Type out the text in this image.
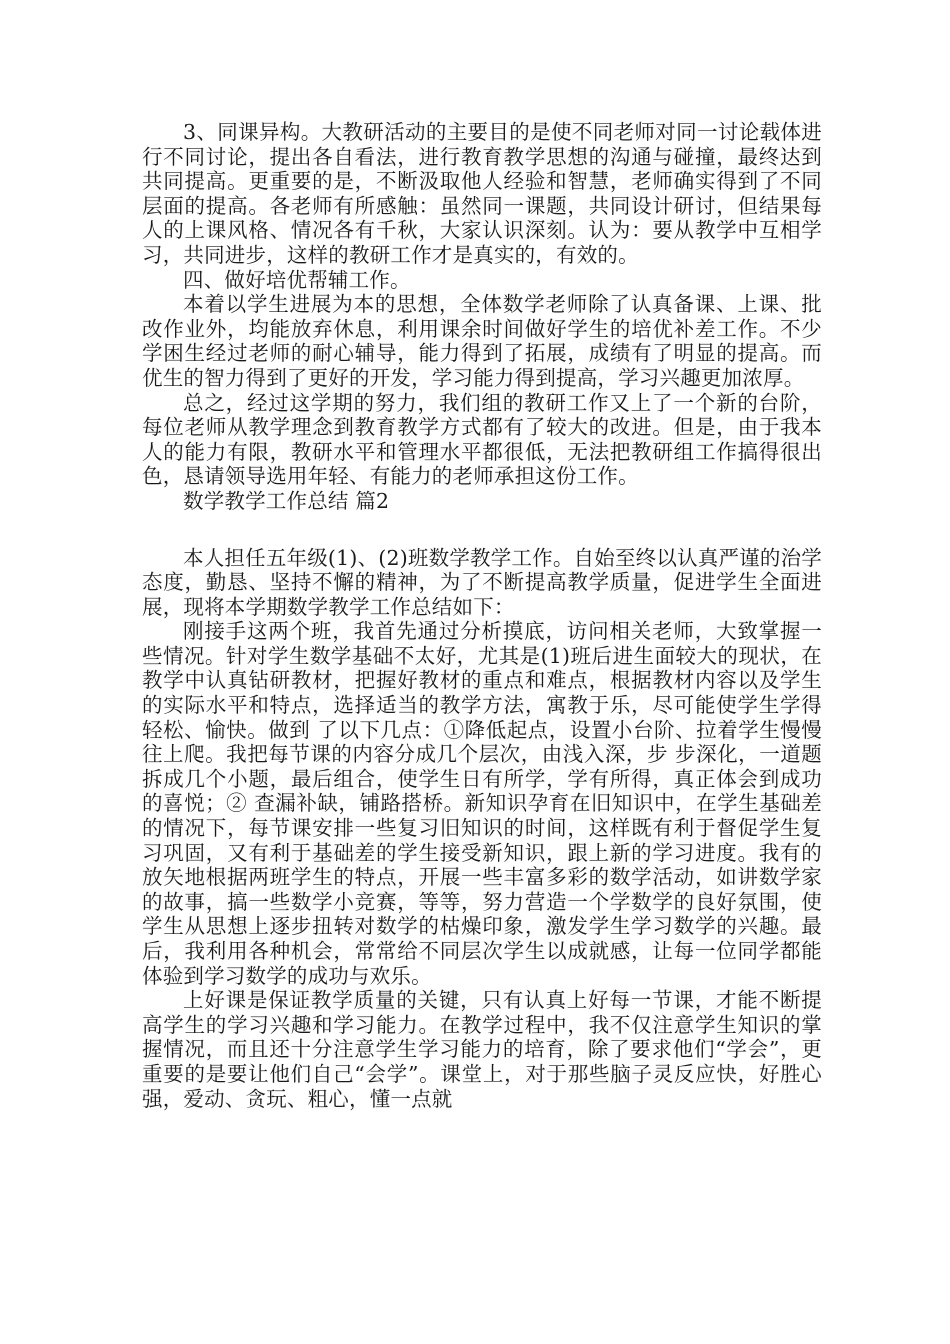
3、同课异构。大教研活动的主要目的是使不同老师对同一讨论载体进行不同讨论，提出各自看法，进行教育教学思想的沟通与碰撞，最终达到共同提高。更重要的是，不断汲取他人经验和智慧，老师确实得到了不同层面的提高。各老师有所感触：虽然同一课题，共同设计研讨，但结果每人的上课风格、情况各有千秋，大家认识深刻。认为：要从教学中互相学习，共同进步，这样的教研工作才是真实的，有效的。

四、做好培优帮辅工作。

本着以学生进展为本的思想，全体数学老师除了认真备课、上课、批改作业外，均能放弃休息，利用课余时间做好学生的培优补差工作。不少学困生经过老师的耐心辅导，能力得到了拓展，成绩有了明显的提高。而优生的智力得到了更好的开发，学习能力得到提高，学习兴趣更加浓厚。

总之，经过这学期的努力，我们组的教研工作又上了一个新的台阶，每位老师从教学理念到教育教学方式都有了较大的改进。但是，由于我本人的能力有限，教研水平和管理水平都很低，无法把教研组工作搞得很出色，恳请领导选用年轻、有能力的老师承担这份工作。

数学教学工作总结 篇2

本人担任五年级(1)、(2)班数学教学工作。自始至终以认真严谨的治学态度，勤恳、坚持不懈的精神，为了不断提高教学质量，促进学生全面进展，现将本学期数学教学工作总结如下：

刚接手这两个班，我首先通过分析摸底，访问相关老师，大致掌握一些情况。针对学生数学基础不太好，尤其是(1)班后进生面较大的现状，在教学中认真钻研教材，把握好教材的重点和难点，根据教材内容以及学生的实际水平和特点，选择适当的教学方法，寓教于乐，尽可能使学生学得轻松、愉快。做到 了以下几点：①降低起点，设置小台阶、拉着学生慢慢往上爬。我把每节课的内容分成几个层次，由浅入深，步 步深化，一道题拆成几个小题，最后组合，使学生日有所学，学有所得，真正体会到成功的喜悦；② 查漏补缺，铺路搭桥。新知识孕育在旧知识中，在学生基础差的情况下，每节课安排一些复习旧知识的时间，这样既有利于督促学生复习巩固，又有利于基础差的学生接受新知识，跟上新的学习进度。我有的放矢地根据两班学生的特点，开展一些丰富多彩的数学活动，如讲数学家的故事，搞一些数学小竞赛，等等，努力营造一个学数学的良好氛围，使学生从思想上逐步扭转对数学的枯燥印象，激发学生学习数学的兴趣。最后，我利用各种机会，常常给不同层次学生以成就感，让每一位同学都能体验到学习数学的成功与欢乐。

上好课是保证教学质量的关键，只有认真上好每一节课，才能不断提高学生的学习兴趣和学习能力。在教学过程中，我不仅注意学生知识的掌握情况，而且还十分注意学生学习能力的培育，除了要求他们“学会”，更重要的是要让他们自己“会学”。课堂上，对于那些脑子灵反应快，好胜心强，爱动、贪玩、粗心，懂一点就
